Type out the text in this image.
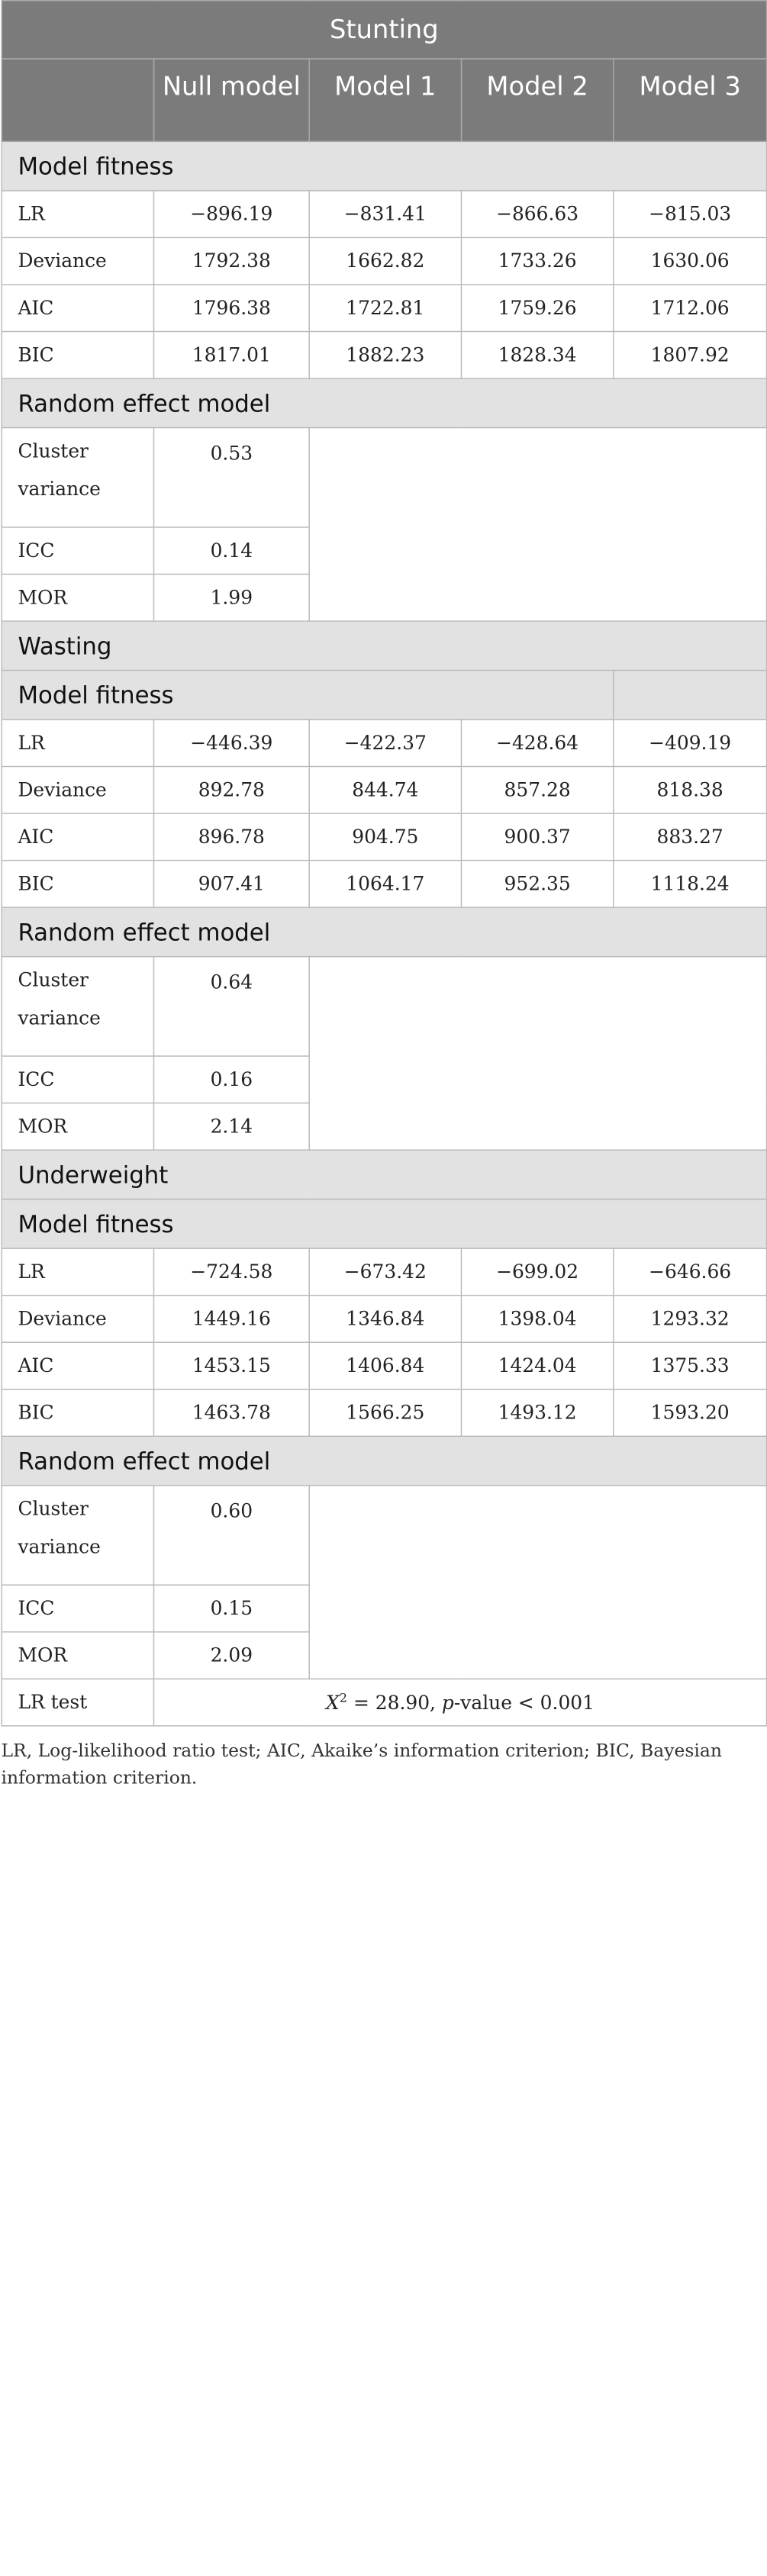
Stunting				
	Null model	Model 1	Model 2	Model 3
Model fitness				
LR	−896.19	−831.41	−866.63	−815.03
Deviance	1792.38	1662.82	1733.26	1630.06
AIC	1796.38	1722.81	1759.26	1712.06
BIC	1817.01	1882.23	1828.34	1807.92
Random effect model				
Cluster variance	0.53			
ICC	0.14			
MOR	1.99			
Wasting				
Model fitness				
LR	−446.39	−422.37	−428.64	−409.19
Deviance	892.78	844.74	857.28	818.38
AIC	896.78	904.75	900.37	883.27
BIC	907.41	1064.17	952.35	1118.24
Random effect model				
Cluster variance	0.64			
ICC	0.16			
MOR	2.14			
Underweight				
Model fitness				
LR	−724.58	−673.42	−699.02	−646.66
Deviance	1449.16	1346.84	1398.04	1293.32
AIC	1453.15	1406.84	1424.04	1375.33
BIC	1463.78	1566.25	1493.12	1593.20
Random effect model				
Cluster variance	0.60			
ICC	0.15			
MOR	2.09			
LR test	$X^2 = 28.90$, p-value < 0.001			
LR, Log-likelihood ratio test; AIC, Akaike’s information criterion; BIC, Bayesian information criterion.
